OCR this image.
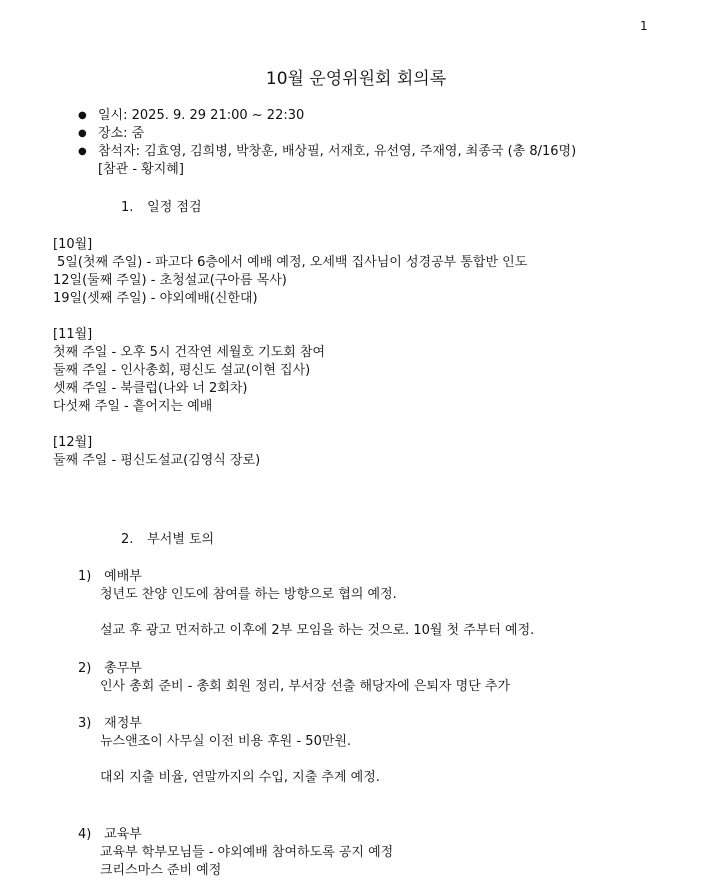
1
10월 운영위원회 회의록
● 일시: 2025. 9. 29 21:00 ~ 22:30
● 장소: 줌
● 참석자: 김효영, 김희병, 박창훈, 배상필, 서재호, 유선영, 주재영, 최종국 (총 8/16명)
[참관 - 황지혜]
1. 일정 점검
[10월]
5일(첫째 주일) - 파고다 6층에서 예배 예정, 오세백 집사님이 성경공부 통합반 인도
12일(둘째 주일) - 초청설교(구아름 목사)
19일(셋째 주일) - 야외예배(신한대)
[11월]
첫째 주일 - 오후 5시 건작연 세월호 기도회 참여
둘째 주일 - 인사총회, 평신도 설교(이현 집사)
셋째 주일 - 북클럽(나와 너 2회차)
다섯째 주일 - 흩어지는 예배
[12월]
둘째 주일 - 평신도설교(김영식 장로)
2. 부서별 토의
1) 예배부
청년도 찬양 인도에 참여를 하는 방향으로 협의 예정.
설교 후 광고 먼저하고 이후에 2부 모임을 하는 것으로. 10월 첫 주부터 예정.
2) 총무부
인사 총회 준비 - 총회 회원 정리, 부서장 선출 해당자에 은퇴자 명단 추가
3) 재정부
뉴스앤조이 사무실 이전 비용 후원 - 50만원.
대외 지출 비율, 연말까지의 수입, 지출 추계 예정.
4) 교육부
교육부 학부모님들 - 야외예배 참여하도록 공지 예정
크리스마스 준비 예정
